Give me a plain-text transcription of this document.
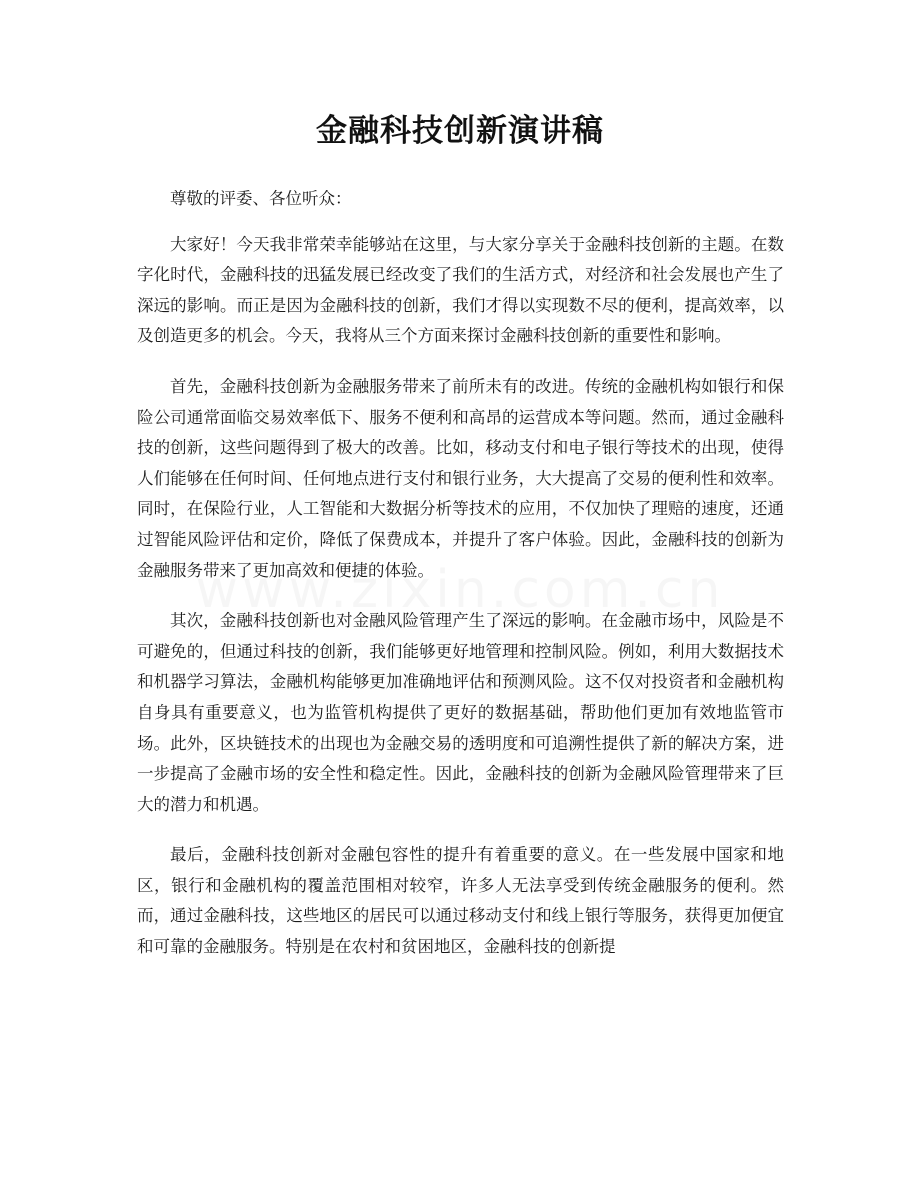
金融科技创新演讲稿

尊敬的评委、各位听众：

大家好！今天我非常荣幸能够站在这里，与大家分享关于金融科技创新的主题。在数字化时代，金融科技的迅猛发展已经改变了我们的生活方式，对经济和社会发展也产生了深远的影响。而正是因为金融科技的创新，我们才得以实现数不尽的便利，提高效率，以及创造更多的机会。今天，我将从三个方面来探讨金融科技创新的重要性和影响。

首先，金融科技创新为金融服务带来了前所未有的改进。传统的金融机构如银行和保险公司通常面临交易效率低下、服务不便利和高昂的运营成本等问题。然而，通过金融科技的创新，这些问题得到了极大的改善。比如，移动支付和电子银行等技术的出现，使得人们能够在任何时间、任何地点进行支付和银行业务，大大提高了交易的便利性和效率。同时，在保险行业，人工智能和大数据分析等技术的应用，不仅加快了理赔的速度，还通过智能风险评估和定价，降低了保费成本，并提升了客户体验。因此，金融科技的创新为金融服务带来了更加高效和便捷的体验。

其次，金融科技创新也对金融风险管理产生了深远的影响。在金融市场中，风险是不可避免的，但通过科技的创新，我们能够更好地管理和控制风险。例如，利用大数据技术和机器学习算法，金融机构能够更加准确地评估和预测风险。这不仅对投资者和金融机构自身具有重要意义，也为监管机构提供了更好的数据基础，帮助他们更加有效地监管市场。此外，区块链技术的出现也为金融交易的透明度和可追溯性提供了新的解决方案，进一步提高了金融市场的安全性和稳定性。因此，金融科技的创新为金融风险管理带来了巨大的潜力和机遇。

最后，金融科技创新对金融包容性的提升有着重要的意义。在一些发展中国家和地区，银行和金融机构的覆盖范围相对较窄，许多人无法享受到传统金融服务的便利。然而，通过金融科技，这些地区的居民可以通过移动支付和线上银行等服务，获得更加便宜和可靠的金融服务。特别是在农村和贫困地区，金融科技的创新提
